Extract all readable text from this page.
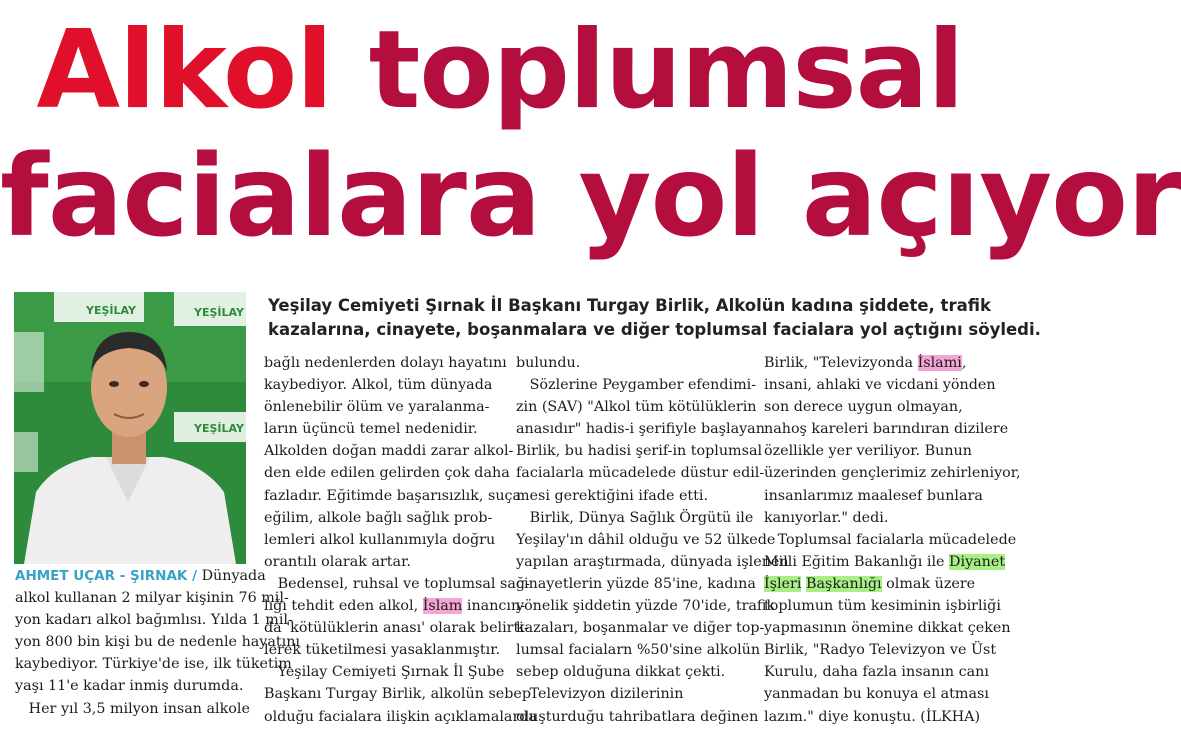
Alkol toplumsal
facialara yol açıyor
YEŞİLAY	YEŞİLAY
YEŞİLAY
Yeşilay Cemiyeti Şırnak İl Başkanı Turgay Birlik, Alkolün kadına şiddete, trafik
kazalarına, cinayete, boşanmalara ve diğer toplumsal facialara yol açtığını söyledi.
AHMET UÇAR - ŞIRNAK / Dünyada
alkol kullanan 2 milyar kişinin 76 mil-
yon kadarı alkol bağımlısı. Yılda 1 mil-
yon 800 bin kişi bu de nedenle hayatını
kaybediyor. Türkiye'de ise, ilk tüketim
yaşı 11'e kadar inmiş durumda.
Her yıl 3,5 milyon insan alkole
bağlı nedenlerden dolayı hayatını
kaybediyor. Alkol, tüm dünyada
önlenebilir ölüm ve yaralanma-
ların üçüncü temel nedenidir.
Alkolden doğan maddi zarar alkol-
den elde edilen gelirden çok daha
fazladır. Eğitimde başarısızlık, suça
eğilim, alkole bağlı sağlık prob-
lemleri alkol kullanımıyla doğru
orantılı olarak artar.
Bedensel, ruhsal ve toplumsal sağ-
lığı tehdit eden alkol, İslam inancın-
da 'kötülüklerin anası' olarak belirti-
lerek tüketilmesi yasaklanmıştır.
Yeşilay Cemiyeti Şırnak İl Şube
Başkanı Turgay Birlik, alkolün sebep
olduğu facialara ilişkin açıklamalarda
bulundu.
Sözlerine Peygamber efendimi-
zin (SAV) "Alkol tüm kötülüklerin
anasıdır" hadis-i şerifiyle başlayan
Birlik, bu hadisi şerif-in toplumsal
facialarla mücadelede düstur edil-
mesi gerektiğini ifade etti.
Birlik, Dünya Sağlık Örgütü ile
Yeşilay'ın dâhil olduğu ve 52 ülkede
yapılan araştırmada, dünyada işlenen
cinayetlerin yüzde 85'ine, kadına
yönelik şiddetin yüzde 70'ide, trafik
kazaları, boşanmalar ve diğer top-
lumsal facialarn %50'sine alkolün
sebep olduğuna dikkat çekti.
Televizyon dizilerinin
oluşturduğu tahribatlara değinen
Birlik, "Televizyonda İslami,
insani, ahlaki ve vicdani yönden
son derece uygun olmayan,
nahoş kareleri barındıran dizilere
özellikle yer veriliyor. Bunun
üzerinden gençlerimiz zehirleniyor,
insanlarımız maalesef bunlara
kanıyorlar." dedi.
Toplumsal facialarla mücadelede
Milli Eğitim Bakanlığı ile Diyanet
İşleri Başkanlığı olmak üzere
toplumun tüm kesiminin işbirliği
yapmasının önemine dikkat çeken
Birlik, "Radyo Televizyon ve Üst
Kurulu, daha fazla insanın canı
yanmadan bu konuya el atması
lazım." diye konuştu. (İLKHA)
